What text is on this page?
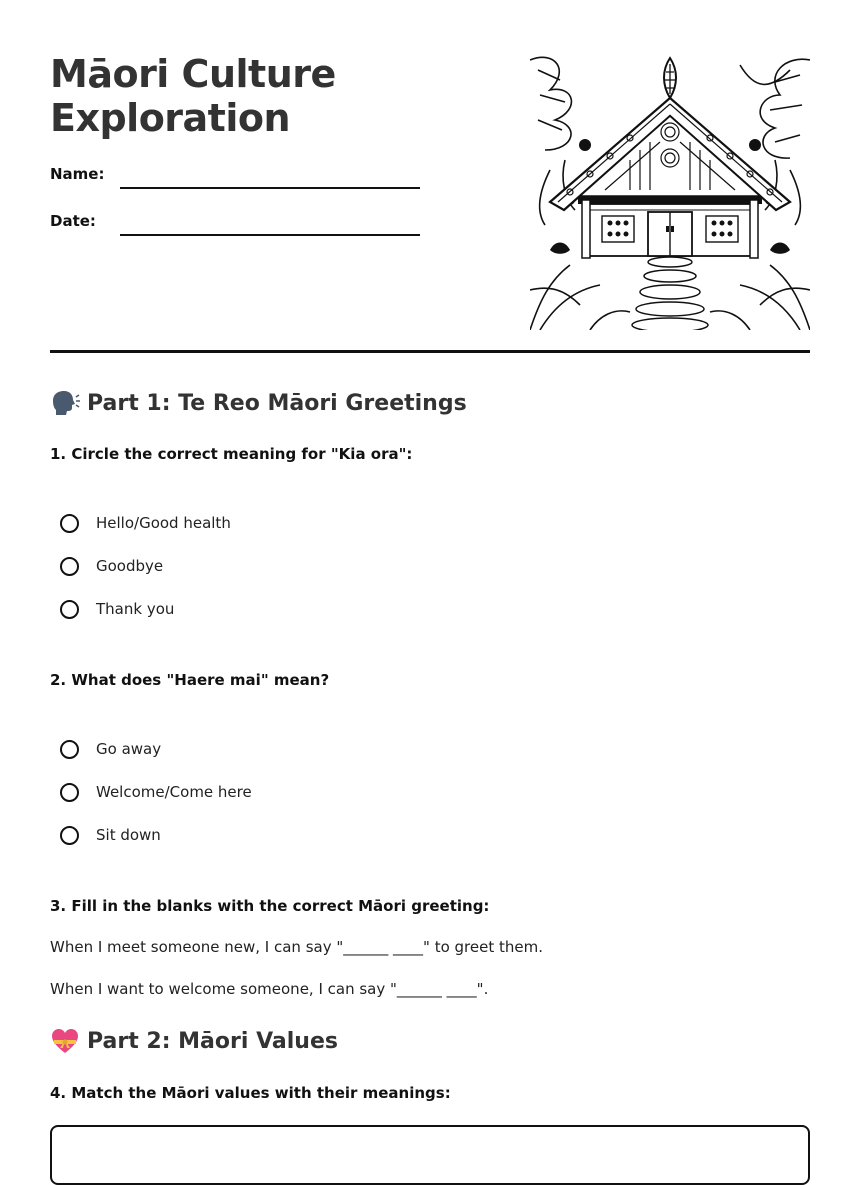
Māori Culture Exploration
Name:
Date:
Part 1: Te Reo Māori Greetings
1. Circle the correct meaning for "Kia ora":
Hello/Good health
Goodbye
Thank you
2. What does "Haere mai" mean?
Go away
Welcome/Come here
Sit down
3. Fill in the blanks with the correct Māori greeting:
When I meet someone new, I can say "______ ____" to greet them.
When I want to welcome someone, I can say "______ ____".
Part 2: Māori Values
4. Match the Māori values with their meanings:
